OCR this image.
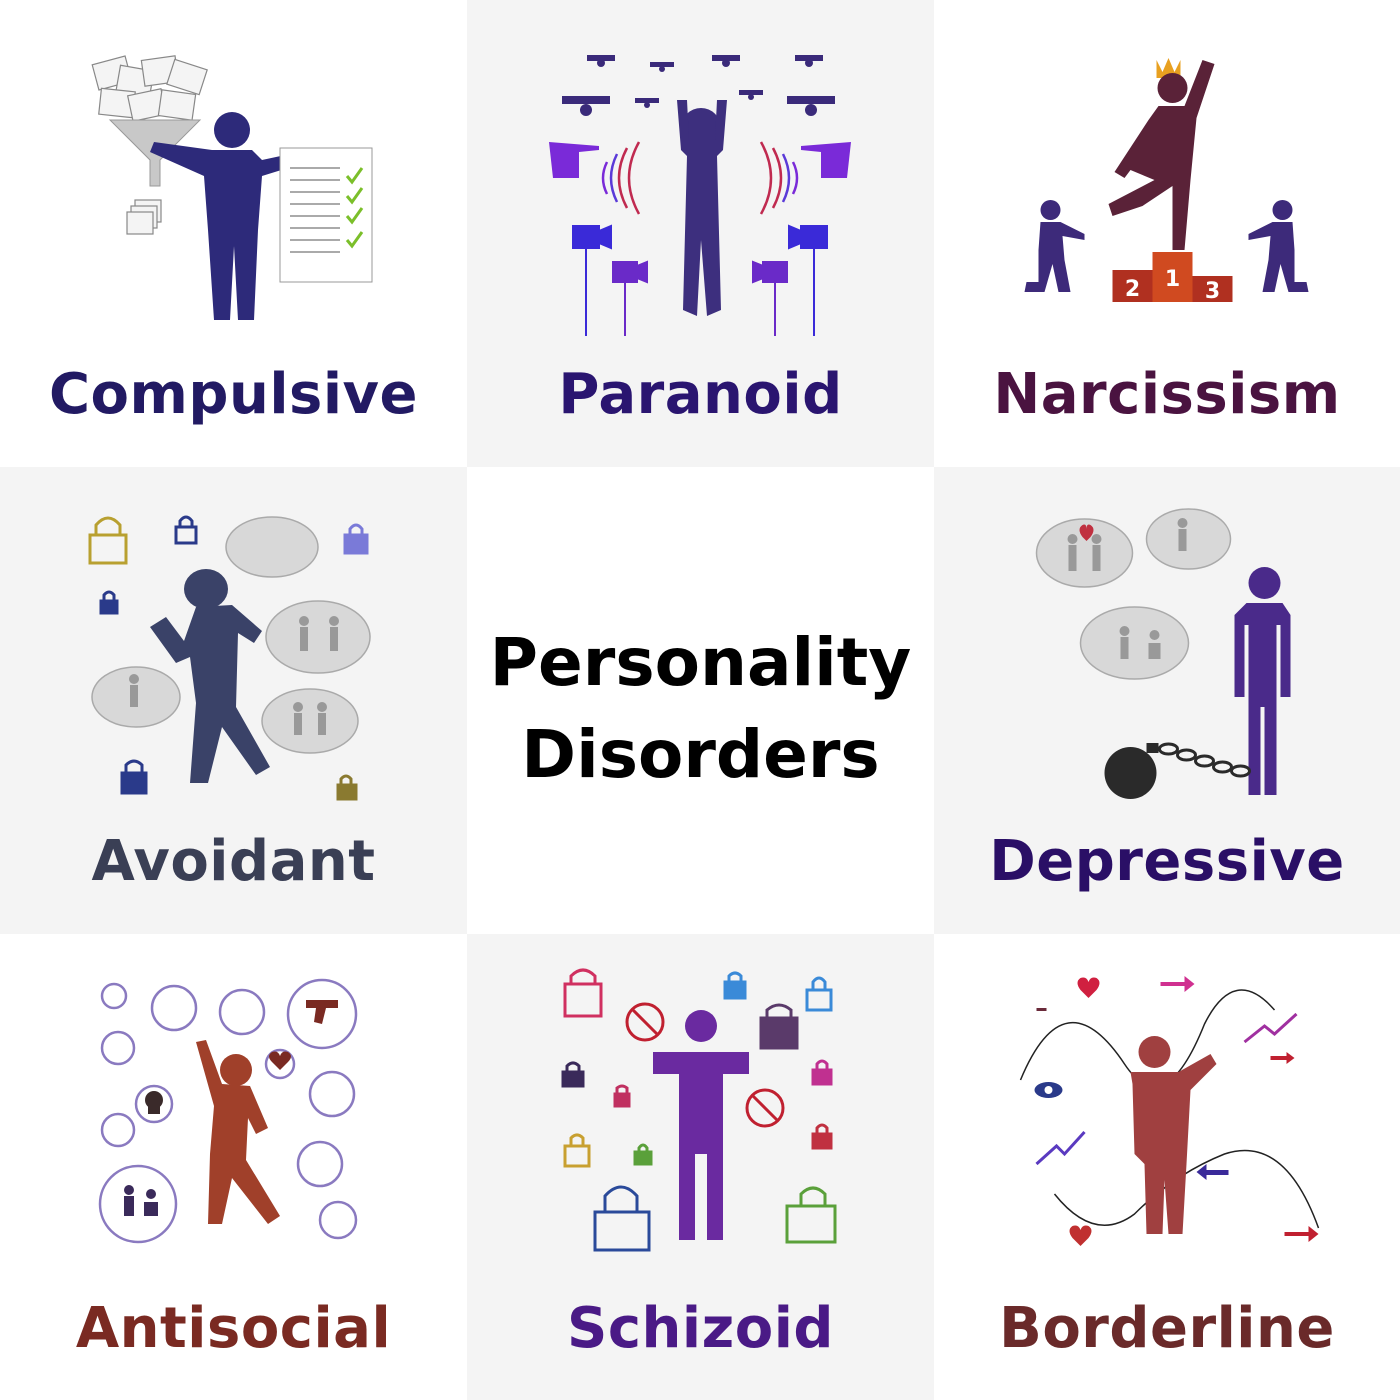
Compulsive	Paranoid
2 1 3
Narcissism
Avoidant
Personality
Disorders
Depressive
Antisocial	Schizoid	Borderline
